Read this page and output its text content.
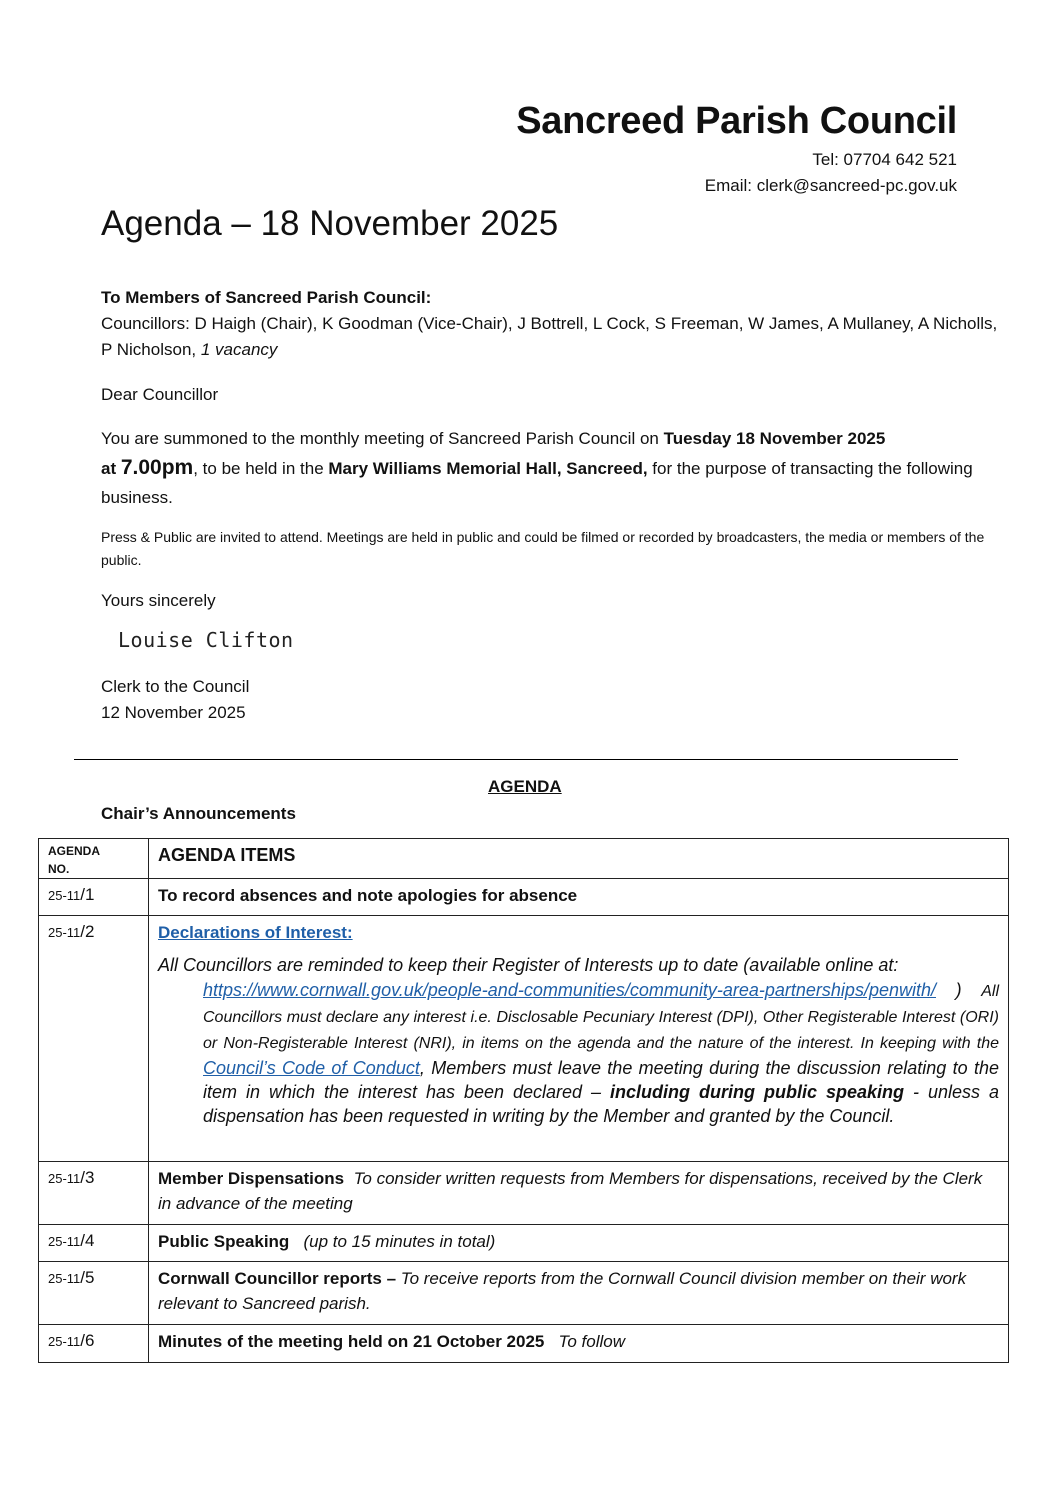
Sancreed Parish Council
Tel: 07704 642 521
Email: clerk@sancreed-pc.gov.uk
Agenda – 18 November 2025
To Members of Sancreed Parish Council:
Councillors: D Haigh (Chair), K Goodman (Vice-Chair), J Bottrell, L Cock, S Freeman, W James, A Mullaney, A Nicholls, P Nicholson, 1 vacancy
Dear Councillor
You are summoned to the monthly meeting of Sancreed Parish Council on Tuesday 18 November 2025
at 7.00pm, to be held in the Mary Williams Memorial Hall, Sancreed, for the purpose of transacting the following business.
Press & Public are invited to attend. Meetings are held in public and could be filmed or recorded by broadcasters, the media or members of the public.
Yours sincerely
Louise Clifton
Clerk to the Council
12 November 2025
AGENDA
Chair’s Announcements
AGENDA NO.	AGENDA ITEMS
25-11/1	To record absences and note apologies for absence
25-11/2	Declarations of Interest:
All Councillors are reminded to keep their Register of Interests up to date (available online at:
https://www.cornwall.gov.uk/people-and-communities/community-area-partnerships/penwith/ ) All Councillors must declare any interest i.e. Disclosable Pecuniary Interest (DPI), Other Registerable Interest (ORI) or Non-Registerable Interest (NRI), in items on the agenda and the nature of the interest. In keeping with the Council’s Code of Conduct, Members must leave the meeting during the discussion relating to the item in which the interest has been declared – including during public speaking - unless a dispensation has been requested in writing by the Member and granted by the Council.

25-11/3	Member Dispensations To consider written requests from Members for dispensations, received by the Clerk in advance of the meeting
25-11/4	Public Speaking (up to 15 minutes in total)
25-11/5	Cornwall Councillor reports – To receive reports from the Cornwall Council division member on their work relevant to Sancreed parish.
25-11/6	Minutes of the meeting held on 21 October 2025 To follow
